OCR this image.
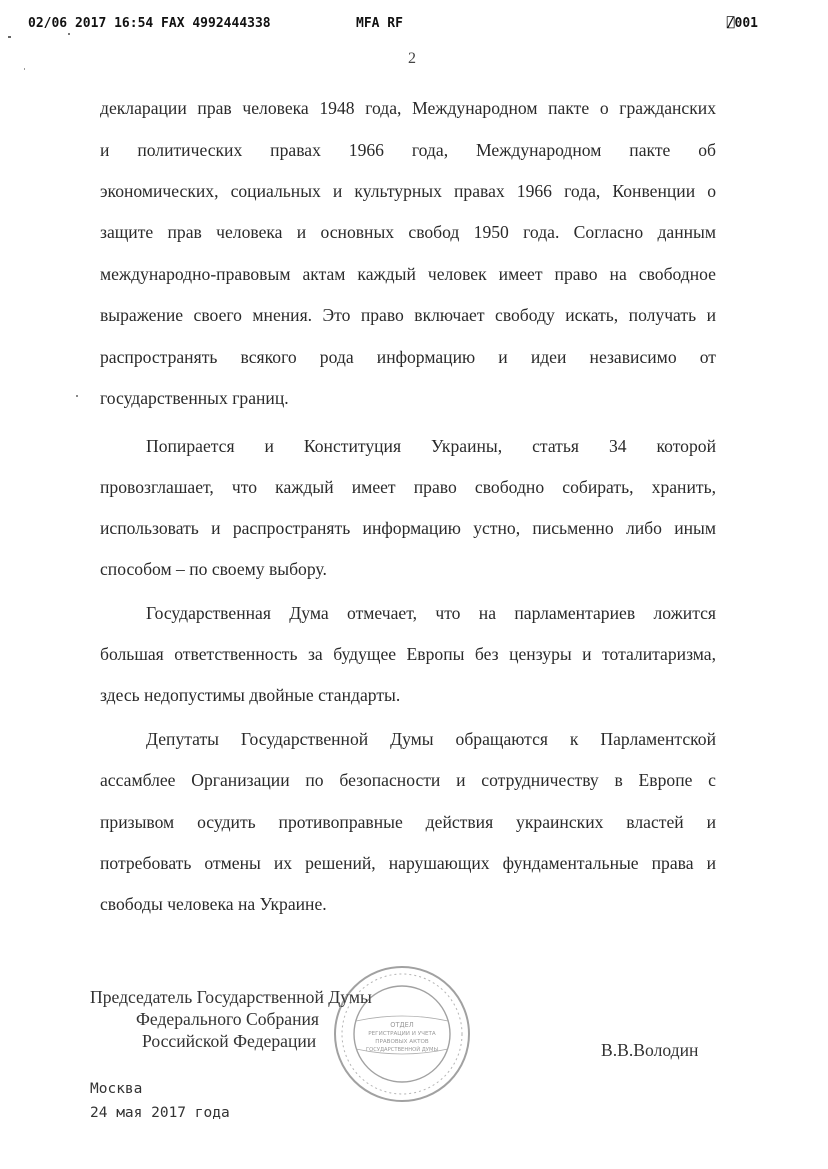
02/06 2017 16:54 FAX 4992444338	MFA RF	⍁001
2
декларации прав человека 1948 года, Международном пакте о гражданских
и политических правах 1966 года, Международном пакте об
экономических, социальных и культурных правах 1966 года, Конвенции о
защите прав человека и основных свобод 1950 года. Согласно данным
международно-правовым актам каждый человек имеет право на свободное
выражение своего мнения. Это право включает свободу искать, получать и
распространять всякого рода информацию и идеи независимо от
государственных границ.
Попирается и Конституция Украины, статья 34 которой
провозглашает, что каждый имеет право свободно собирать, хранить,
использовать и распространять информацию устно, письменно либо иным
способом – по своему выбору.
Государственная Дума отмечает, что на парламентариев ложится
большая ответственность за будущее Европы без цензуры и тоталитаризма,
здесь недопустимы двойные стандарты.
Депутаты Государственной Думы обращаются к Парламентской
ассамблее Организации по безопасности и сотрудничеству в Европе с
призывом осудить противоправные действия украинских властей и
потребовать отмены их решений, нарушающих фундаментальные права и
свободы человека на Украине.
Председатель Государственной Думы
Федерального Собрания
Российской Федерации	В.В.Володин
Москва
24 мая 2017 года
ОТДЕЛ
РЕГИСТРАЦИИ И УЧЕТА
ПРАВОВЫХ АКТОВ
ГОСУДАРСТВЕННОЙ ДУМЫ
